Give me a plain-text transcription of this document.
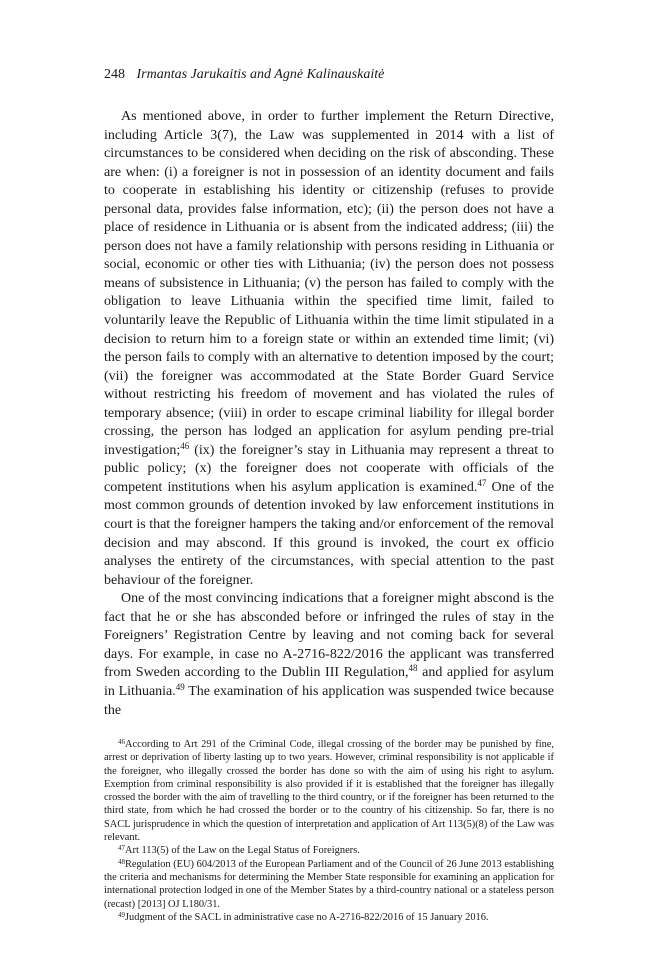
248 Irmantas Jarukaitis and Agnė Kalinauskaitė

As mentioned above, in order to further implement the Return Directive, including Article 3(7), the Law was supplemented in 2014 with a list of circumstances to be considered when deciding on the risk of absconding. These are when: (i) a foreigner is not in possession of an identity document and fails to cooperate in establishing his identity or citizenship (refuses to provide personal data, provides false information, etc); (ii) the person does not have a place of residence in Lithuania or is absent from the indicated address; (iii) the person does not have a family relationship with persons residing in Lithuania or social, economic or other ties with Lithuania; (iv) the person does not possess means of subsistence in Lithuania; (v) the person has failed to comply with the obligation to leave Lithuania within the specified time limit, failed to voluntarily leave the Republic of Lithuania within the time limit stipulated in a decision to return him to a foreign state or within an extended time limit; (vi) the person fails to comply with an alternative to detention imposed by the court; (vii) the foreigner was accommodated at the State Border Guard Service without restricting his freedom of movement and has violated the rules of temporary absence; (viii) in order to escape criminal liability for illegal border crossing, the person has lodged an application for asylum pending pre-trial investigation;$^{46}$ (ix) the foreigner’s stay in Lithuania may represent a threat to public policy; (x) the foreigner does not cooperate with officials of the competent institutions when his asylum application is examined.$^{47}$ One of the most common grounds of detention invoked by law enforcement institutions in court is that the foreigner hampers the taking and/or enforcement of the removal decision and may abscond. If this ground is invoked, the court ex officio analyses the entirety of the circumstances, with special attention to the past behaviour of the foreigner.

One of the most convincing indications that a foreigner might abscond is the fact that he or she has absconded before or infringed the rules of stay in the Foreigners’ Registration Centre by leaving and not coming back for several days. For example, in case no A-2716-822/2016 the applicant was transferred from Sweden according to the Dublin III Regulation,$^{48}$ and applied for asylum in Lithuania.$^{49}$ The examination of his application was suspended twice because the

$^{46}$According to Art 291 of the Criminal Code, illegal crossing of the border may be punished by fine, arrest or deprivation of liberty lasting up to two years. However, criminal responsibility is not applicable if the foreigner, who illegally crossed the border has done so with the aim of using his right to asylum. Exemption from criminal responsibility is also provided if it is established that the foreigner has illegally crossed the border with the aim of travelling to the third country, or if the foreigner has been returned to the third state, from which he had crossed the border or to the country of his citizenship. So far, there is no SACL jurisprudence in which the question of interpretation and application of Art 113(5)(8) of the Law was relevant.

$^{47}$Art 113(5) of the Law on the Legal Status of Foreigners.

$^{48}$Regulation (EU) 604/2013 of the European Parliament and of the Council of 26 June 2013 establishing the criteria and mechanisms for determining the Member State responsible for examining an application for international protection lodged in one of the Member States by a third-country national or a stateless person (recast) [2013] OJ L180/31.

$^{49}$Judgment of the SACL in administrative case no A-2716-822/2016 of 15 January 2016.
